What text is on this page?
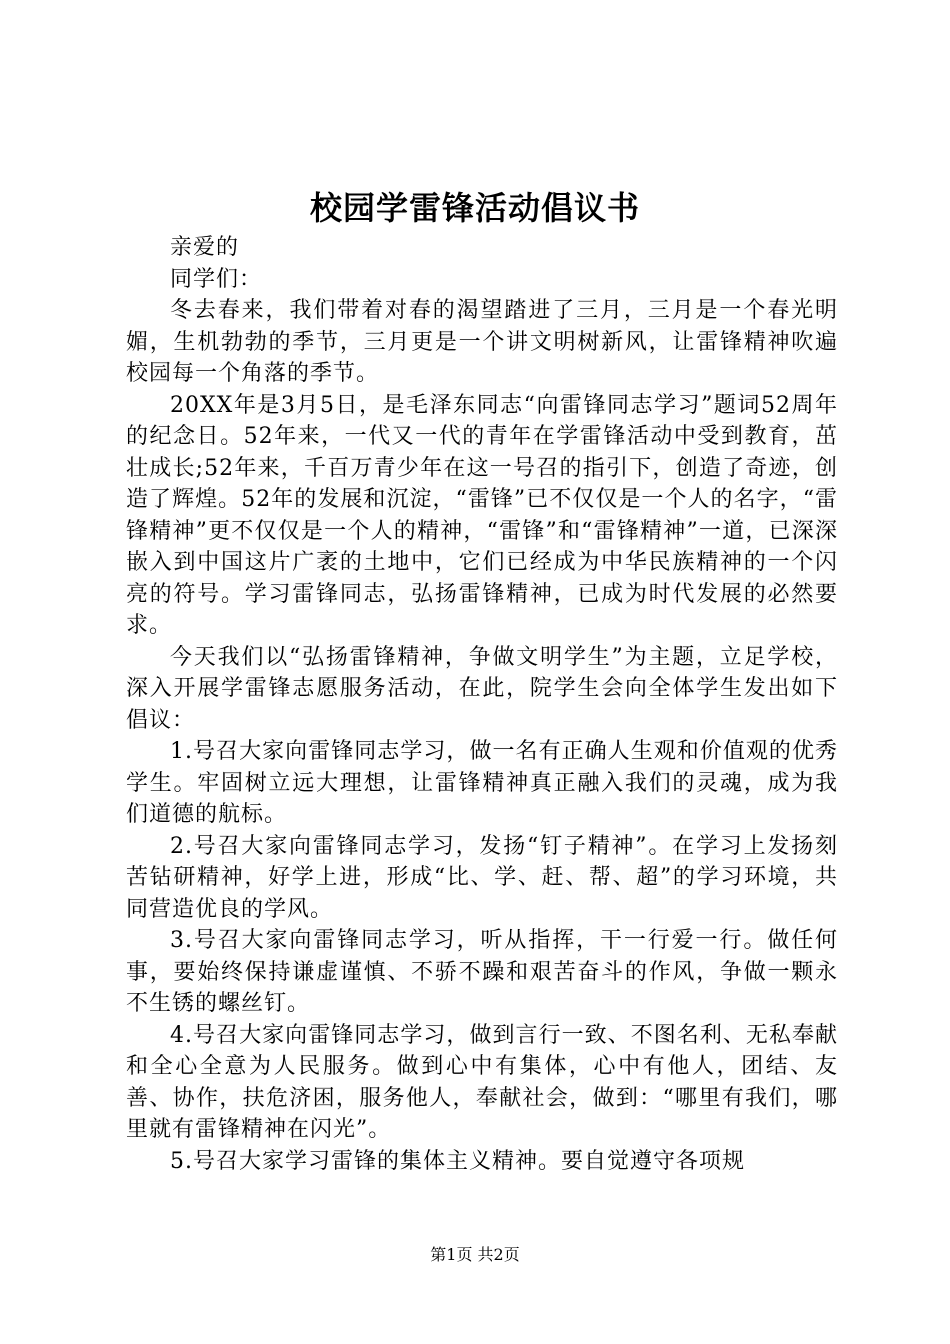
校园学雷锋活动倡议书

亲爱的

同学们：

冬去春来，我们带着对春的渴望踏进了三月，三月是一个春光明媚，生机勃勃的季节，三月更是一个讲文明树新风，让雷锋精神吹遍校园每一个角落的季节。

20XX年是3月5日，是毛泽东同志“向雷锋同志学习”题词52周年的纪念日。52年来，一代又一代的青年在学雷锋活动中受到教育，茁壮成长;52年来，千百万青少年在这一号召的指引下，创造了奇迹，创造了辉煌。52年的发展和沉淀，“雷锋”已不仅仅是一个人的名字，“雷锋精神”更不仅仅是一个人的精神，“雷锋”和“雷锋精神”一道，已深深嵌入到中国这片广袤的土地中，它们已经成为中华民族精神的一个闪亮的符号。学习雷锋同志，弘扬雷锋精神，已成为时代发展的必然要求。

今天我们以“弘扬雷锋精神，争做文明学生”为主题，立足学校，深入开展学雷锋志愿服务活动，在此，院学生会向全体学生发出如下倡议：

1.号召大家向雷锋同志学习，做一名有正确人生观和价值观的优秀学生。牢固树立远大理想，让雷锋精神真正融入我们的灵魂，成为我们道德的航标。

2.号召大家向雷锋同志学习，发扬“钉子精神”。在学习上发扬刻苦钻研精神，好学上进，形成“比、学、赶、帮、超”的学习环境，共同营造优良的学风。

3.号召大家向雷锋同志学习，听从指挥，干一行爱一行。做任何事，要始终保持谦虚谨慎、不骄不躁和艰苦奋斗的作风，争做一颗永不生锈的螺丝钉。

4.号召大家向雷锋同志学习，做到言行一致、不图名利、无私奉献和全心全意为人民服务。做到心中有集体，心中有他人，团结、友善、协作，扶危济困，服务他人，奉献社会，做到：“哪里有我们，哪里就有雷锋精神在闪光”。

5.号召大家学习雷锋的集体主义精神。要自觉遵守各项规

第1页 共2页
